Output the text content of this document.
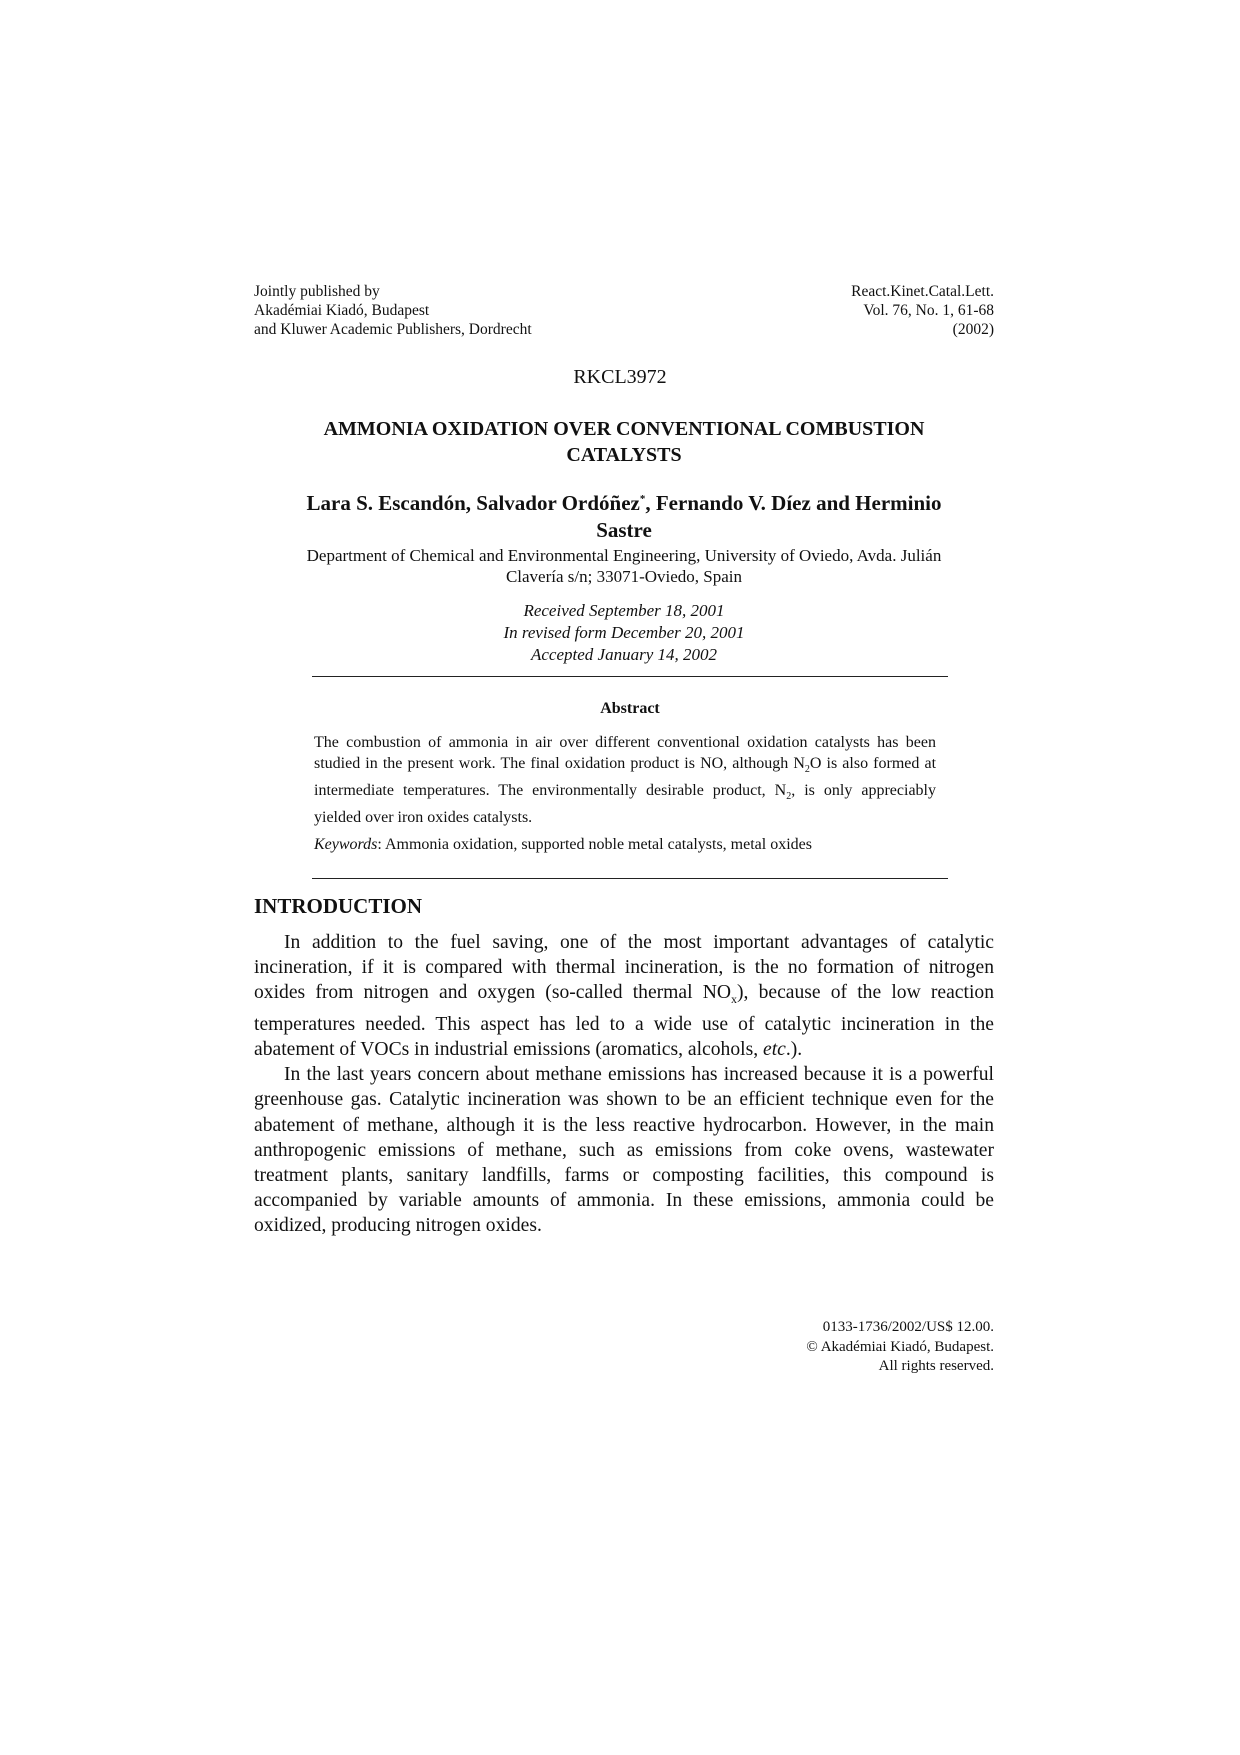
Jointly published by
Akadémiai Kiadó, Budapest
and Kluwer Academic Publishers, Dordrecht
React.Kinet.Catal.Lett.
Vol. 76, No. 1, 61-68
(2002)
RKCL3972
AMMONIA OXIDATION OVER CONVENTIONAL COMBUSTION
CATALYSTS
Lara S. Escandón, Salvador Ordóñez*, Fernando V. Díez and Herminio
Sastre
Department of Chemical and Environmental Engineering, University of Oviedo, Avda. Julián
Clavería s/n; 33071-Oviedo, Spain
Received September 18, 2001
In revised form December 20, 2001
Accepted January 14, 2002
Abstract
The combustion of ammonia in air over different conventional oxidation catalysts has been studied in the present work. The final oxidation product is NO, although $N_2O$ is also formed at intermediate temperatures. The environmentally desirable product, $N_2$, is only appreciably yielded over iron oxides catalysts.
Keywords: Ammonia oxidation, supported noble metal catalysts, metal oxides
INTRODUCTION

In addition to the fuel saving, one of the most important advantages of catalytic incineration, if it is compared with thermal incineration, is the no formation of nitrogen oxides from nitrogen and oxygen (so-called thermal $NO_x$), because of the low reaction temperatures needed. This aspect has led to a wide use of catalytic incineration in the abatement of VOCs in industrial emissions (aromatics, alcohols, etc.).

In the last years concern about methane emissions has increased because it is a powerful greenhouse gas. Catalytic incineration was shown to be an efficient technique even for the abatement of methane, although it is the less reactive hydrocarbon. However, in the main anthropogenic emissions of methane, such as emissions from coke ovens, wastewater treatment plants, sanitary landfills, farms or composting facilities, this compound is accompanied by variable amounts of ammonia. In these emissions, ammonia could be oxidized, producing nitrogen oxides.

0133-1736/2002/US$ 12.00.
© Akadémiai Kiadó, Budapest.
All rights reserved.
